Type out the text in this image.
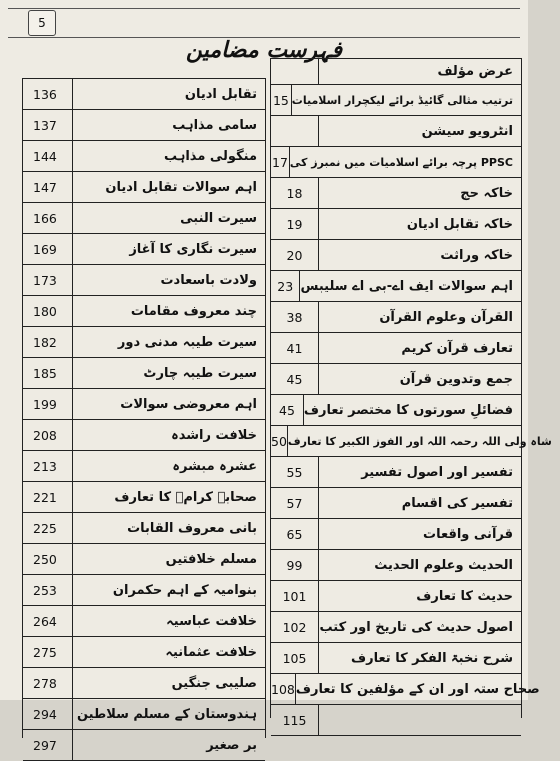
5
فہرست مضامین
136	تقابل ادیان
137	سامی مذاہب
144	منگولی مذاہب
147	اہم سوالات تقابل ادیان
166	سیرت النبی
169	سیرت نگاری کا آغاز
173	ولادت باسعادت
180	چند معروف مقامات
182	سیرت طیبہ مدنی دور
185	سیرت طیبہ چارٹ
199	اہم معروضی سوالات
208	خلافت راشدہ
213	عشرہ مبشرہ
221	صحابہ کرامؓ کا تعارف
225	بانی معروف القابات
250	مسلم خلافتیں
253	بنوامیہ کے اہم حکمران
264	خلافت عباسیہ
275	خلافت عثمانیہ
278	صلیبی جنگیں
294	ہندوستان کے مسلم سلاطین
297	بر صغیر
عرض مؤلف
15 ترتیب مثالی گائیڈ برائے لیکچرار اسلامیات
انٹرویو سیشن
17 PPSC پرچہ برائے اسلامیات میں نمبرز کی
18	خاکہ حج
19	خاکہ تقابل ادیان
20	خاکہ وراثت
23 اہم سوالات ایف اے-بی اے سلیبس
38	القرآن وعلوم القرآن
41	تعارف قرآن کریم
45	جمع وتدوین قرآن
45 فضائلِ سورتوں کا مختصر تعارف
50 شاہ ولی اللہ رحمہ اللہ اور الفوز الکبیر کا تعارف
55	تفسیر اور اصول تفسیر
57	تفسیر کی اقسام
65	قرآنی واقعات
99	الحدیث وعلوم الحدیث
101	حدیث کا تعارف
102	اصول حدیث کی تاریخ اور کتب
105	شرح نخبۃ الفکر کا تعارف
108 صحاح ستہ اور ان کے مؤلفین کا تعارف
115
